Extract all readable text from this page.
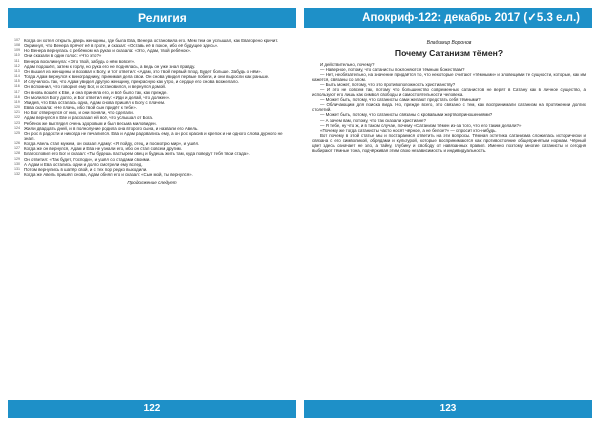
Религия

107 Когда он хотел открыть дверь женщины, где была Ева, Венера остановила его. Мем тем он услышал, как Евагорено кричит.

108 Окрикнул, что Венера прячет её в гроте, и сказал: «Оставь её в покое, ибо её будущее здесь».

109 Но Венера вернулась с ребёнком на руках и сказала: «Это, Адам, твой ребёнок».

110 Они сказали в один голос: «Что это?»

111 Венера воскликнула: «Это твой, забудь о нём вовсе!».

112 Адам подошёл, затем к горлу, но рука его не поднялась, а ведь он уже знал правду.

113 Он вышел из женщины и воззвал к Богу, и тот ответил: «Адам, это твой первый плод. Будет больше. Забудь о нём».

114 Тогда Адам вернулся к винограднику, принимая дела свои. Он снова увидел первые побеги, и они выросли как раньше.

115 И случилось так, что Адам увидел другую женщину, прекрасную как утро, и сердце его снова возжелало.

116 Он вспомнил, что говорил ему Бог, и остановился, и вернулся домой.

117 Он вновь вошёл к Еве, и она приняла его, и всё было так, как прежде.

118 Он молился Богу долго, и Бог ответил ему: «Иди и делай, что должен».

119 Увидев, что Ева осталась одна, Адам снова пришёл к Богу с плачем.

120 Евва сказала: «Не плачь, ибо твой сын придёт к тебе».

121 Но Бог отвернулся от них, и они поняли, что сделали.

122 Адам вернулся к Еве и рассказал ей всё, что услышал от Бога.

123 Ребёнок же выглядел очень здоровым и был весьма миловиден.

124 Жили двадцать дней, и в полнолуние родила она второго сына, и назвали его Авель.

125 Он рос в радости и никогда не печалился. Ева и Адам радовались ему, а он рос красив и крепок и ни одного слова дурного не знал.

126 Когда Авель стал мужем, он сказал Адаму: «Я пойду, отец, и посмотрю мир», и ушёл.

127 Когда же он вернулся, Адам и Ева не узнали его, ибо он стал совсем другим.

128 Благословил его Бог и сказал: «Ты будешь пастырем овец и будешь жить там, куда поведут тебя твои стада».

129 Он ответил: «Так будет, Господи», и ушёл со стадами своими.

130 А Адам и Ева остались одни и долго смотрели ему вслед.

131 Потом вернулись в шатёр свой, и с тех пор редко выходили.

132 Когда же Авель пришёл снова, Адам обнял его и сказал: «Сын мой, ты вернулся».

Продолжение следует
122
Апокриф-122: декабрь 2017 (✓5.3 е.л.)
Владимир Воронов
Почему Сатанизм тёмен?

И действительно, почему?

— Наверное, потому, что сатанисты поклоняются тёмным божествам?

— Нет, необязательно, на значение придаётся то, что некоторые считают «тёмными» и зловещими те сущности, которые, как им кажется, связаны со злом.

— Быть может, потому, что это противоположность христианству?

— И это не совсем так, потому что большинство современных сатанистов не верят в Сатану как в личное существо, а используют его лишь как символ свободы и самостоятельности человека.

— Может быть, потому, что сатанисты сами желают предстать себя тёмными?

— Обличающим для поиска вида. Но, прежде всего, это связано с тем, как воспринимали сатанизм на протяжении долгих столетий.

— Может быть, потому, что сатанисты связаны с кровавыми жертвоприношениями?

— А зачем вам, потому, что так сказали христиане?

— Я тебе, ну что ж, и в таком случае, почему «Сатанизм тёмен из-за того, что его таким делали?»

«Почему же тогда сатанисты часто носят чёрное, а не белое?» — спросит кто-нибудь.

Вот почему в этой статье мы и постараемся ответить на эти вопросы. Тёмная эстетика сатанизма сложилась исторически и связана с его символикой, обрядами и культурой, которые воспринимаются как противостояние общепринятым нормам. Чёрный цвет здесь означает не зло, а тайну, глубину и свободу от навязанных правил. Именно поэтому многие сатанисты и сегодня выбирают тёмные тона, подчёркивая этим свою независимость и индивидуальность.

123
